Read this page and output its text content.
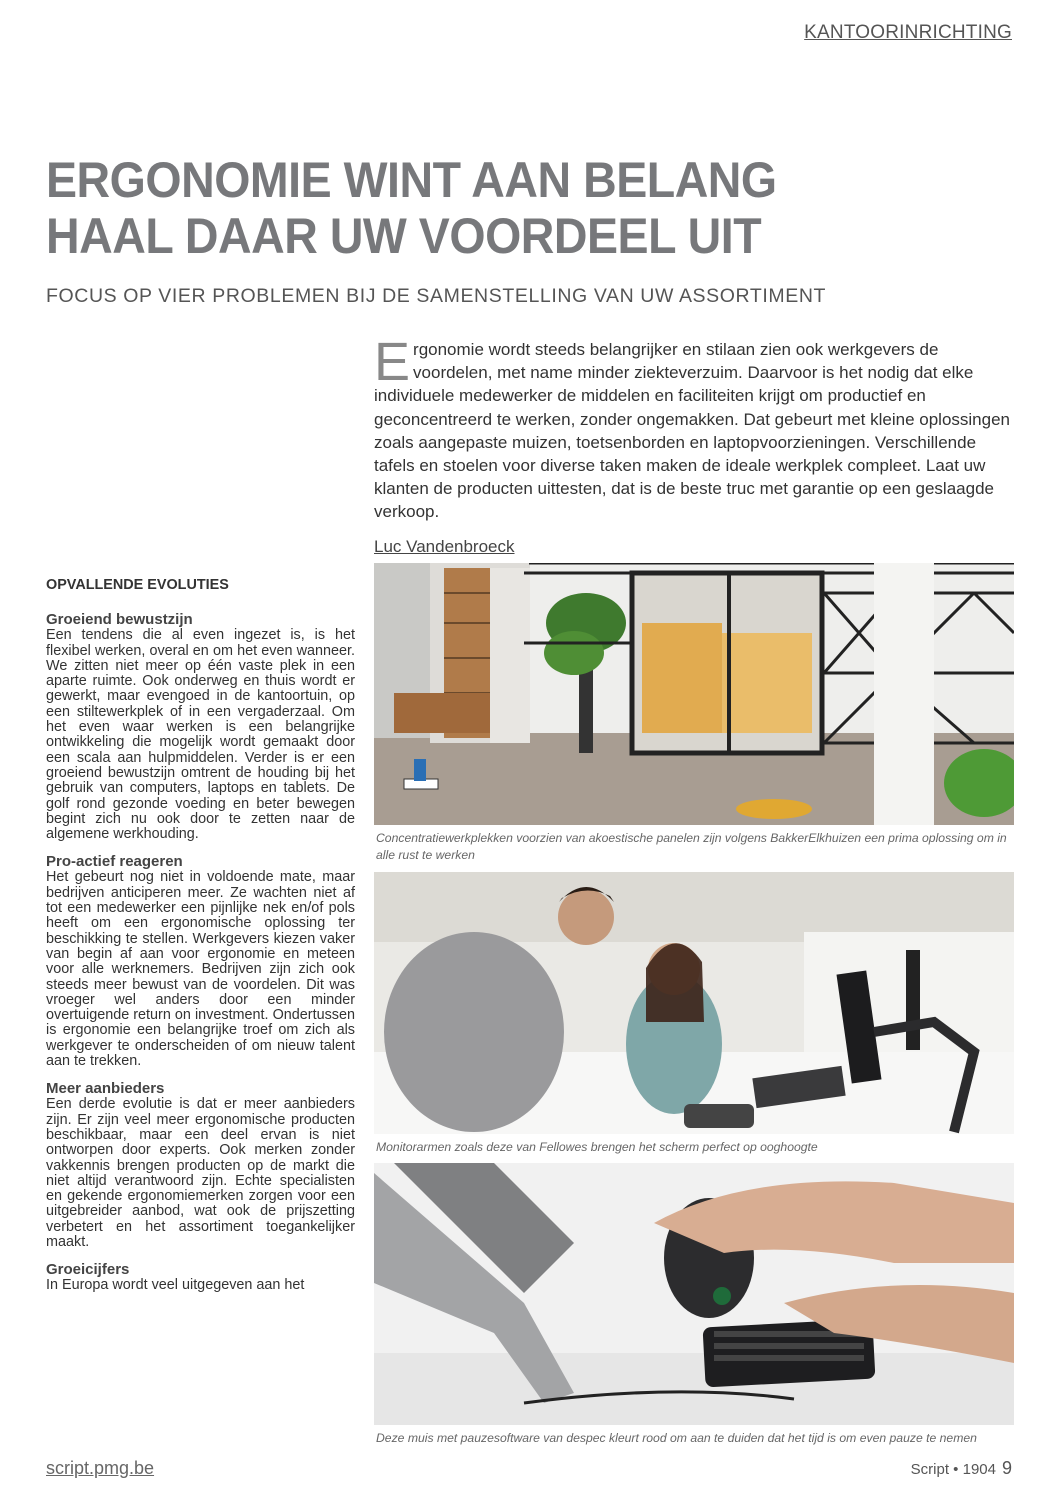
KANTOORINRICHTING
ERGONOMIE WINT AAN BELANG
HAAL DAAR UW VOORDEEL UIT
FOCUS OP VIER PROBLEMEN BIJ DE SAMENSTELLING VAN UW ASSORTIMENT

Ergonomie wordt steeds belangrijker en stilaan zien ook werkgevers de voordelen, met name minder ziekteverzuim. Daarvoor is het nodig dat elke individuele medewerker de middelen en faciliteiten krijgt om productief en geconcentreerd te werken, zonder ongemakken. Dat gebeurt met kleine oplossingen zoals aangepaste muizen, toetsenborden en laptopvoorzieningen. Verschillende tafels en stoelen voor diverse taken maken de ideale werkplek compleet. Laat uw klanten de producten uittesten, dat is de beste truc met garantie op een geslaagde verkoop.

Luc Vandenbroeck
OPVALLENDE EVOLUTIES
Groeiend bewustzijn

Een tendens die al even ingezet is, is het flexibel werken, overal en om het even wanneer. We zitten niet meer op één vaste plek in een aparte ruimte. Ook onderweg en thuis wordt er gewerkt, maar evengoed in de kantoortuin, op een stiltewerkplek of in een vergaderzaal. Om het even waar werken is een belangrijke ontwikkeling die mogelijk wordt gemaakt door een scala aan hulpmiddelen. Verder is er een groeiend bewustzijn omtrent de houding bij het gebruik van computers, laptops en tablets. De golf rond gezonde voeding en beter bewegen begint zich nu ook door te zetten naar de algemene werkhouding.

Pro-actief reageren

Het gebeurt nog niet in voldoende mate, maar bedrijven anticiperen meer. Ze wachten niet af tot een medewerker een pijnlijke nek en/of pols heeft om een ergonomische oplossing ter beschikking te stellen. Werkgevers kiezen vaker van begin af aan voor ergonomie en meteen voor alle werknemers. Bedrijven zijn zich ook steeds meer bewust van de voordelen. Dit was vroeger wel anders door een minder overtuigende return on investment. Ondertussen is ergonomie een belangrijke troef om zich als werkgever te onderscheiden of om nieuw talent aan te trekken.

Meer aanbieders

Een derde evolutie is dat er meer aanbieders zijn. Er zijn veel meer ergonomische producten beschikbaar, maar een deel ervan is niet ontworpen door experts. Ook merken zonder vakkennis brengen producten op de markt die niet altijd verantwoord zijn. Echte specialisten en gekende ergonomiemerken zorgen voor een uitgebreider aanbod, wat ook de prijszetting verbetert en het assortiment toegankelijker maakt.

Groeicijfers

In Europa wordt veel uitgegeven aan het

Concentratiewerkplekken voorzien van akoestische panelen zijn volgens BakkerElkhuizen een prima oplossing om in alle rust te werken
Monitorarmen zoals deze van Fellowes brengen het scherm perfect op ooghoogte
Deze muis met pauzesoftware van despec kleurt rood om aan te duiden dat het tijd is om even pauze te nemen
script.pmg.be	Script • 1904 9
